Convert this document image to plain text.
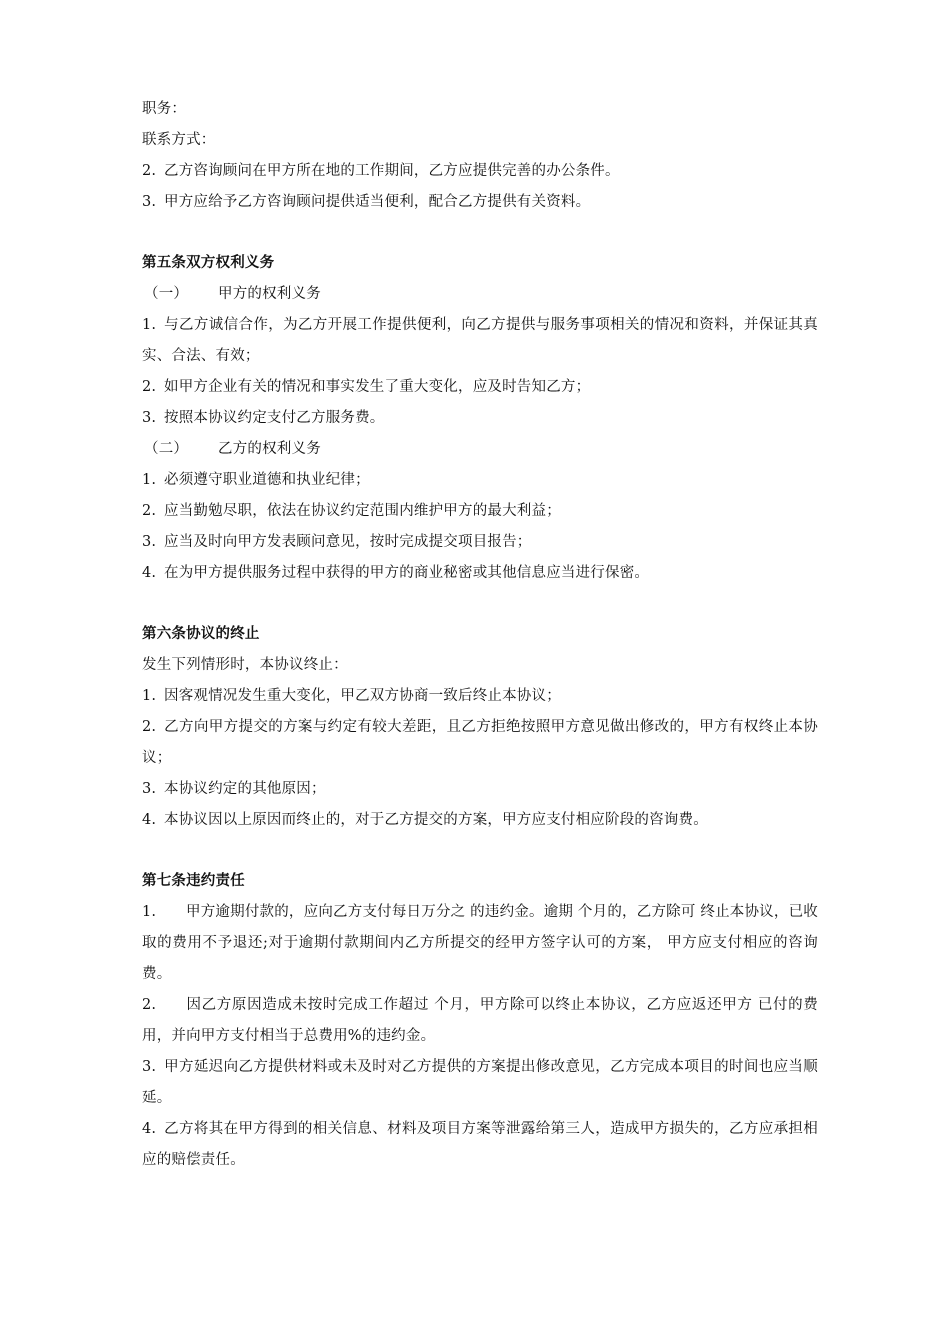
职务：
联系方式：
2. 乙方咨询顾问在甲方所在地的工作期间，乙方应提供完善的办公条件。
3. 甲方应给予乙方咨询顾问提供适当便利，配合乙方提供有关资料。
第五条双方权利义务
（一） 甲方的权利义务
1. 与乙方诚信合作，为乙方开展工作提供便利，向乙方提供与服务事项相关的情况和资料，并保证其真实、合法、有效；
2. 如甲方企业有关的情况和事实发生了重大变化，应及时告知乙方；
3. 按照本协议约定支付乙方服务费。
（二） 乙方的权利义务
1. 必须遵守职业道德和执业纪律；
2. 应当勤勉尽职，依法在协议约定范围内维护甲方的最大利益；
3. 应当及时向甲方发表顾问意见，按时完成提交项目报告；
4. 在为甲方提供服务过程中获得的甲方的商业秘密或其他信息应当进行保密。
第六条协议的终止
发生下列情形时，本协议终止：
1. 因客观情况发生重大变化，甲乙双方协商一致后终止本协议；
2. 乙方向甲方提交的方案与约定有较大差距，且乙方拒绝按照甲方意见做出修改的，甲方有权终止本协议；
3. 本协议约定的其他原因；
4. 本协议因以上原因而终止的，对于乙方提交的方案，甲方应支付相应阶段的咨询费。
第七条违约责任
1. 甲方逾期付款的，应向乙方支付每日万分之 的违约金。逾期 个月的，乙方除可 终止本协议，已收取的费用不予退还;对于逾期付款期间内乙方所提交的经甲方签字认可的方案， 甲方应支付相应的咨询费。
2. 因乙方原因造成未按时完成工作超过 个月，甲方除可以终止本协议，乙方应返还甲方 已付的费用，并向甲方支付相当于总费用%的违约金。
3. 甲方延迟向乙方提供材料或未及时对乙方提供的方案提出修改意见，乙方完成本项目的时间也应当顺延。
4. 乙方将其在甲方得到的相关信息、材料及项目方案等泄露给第三人，造成甲方损失的，乙方应承担相应的赔偿责任。
